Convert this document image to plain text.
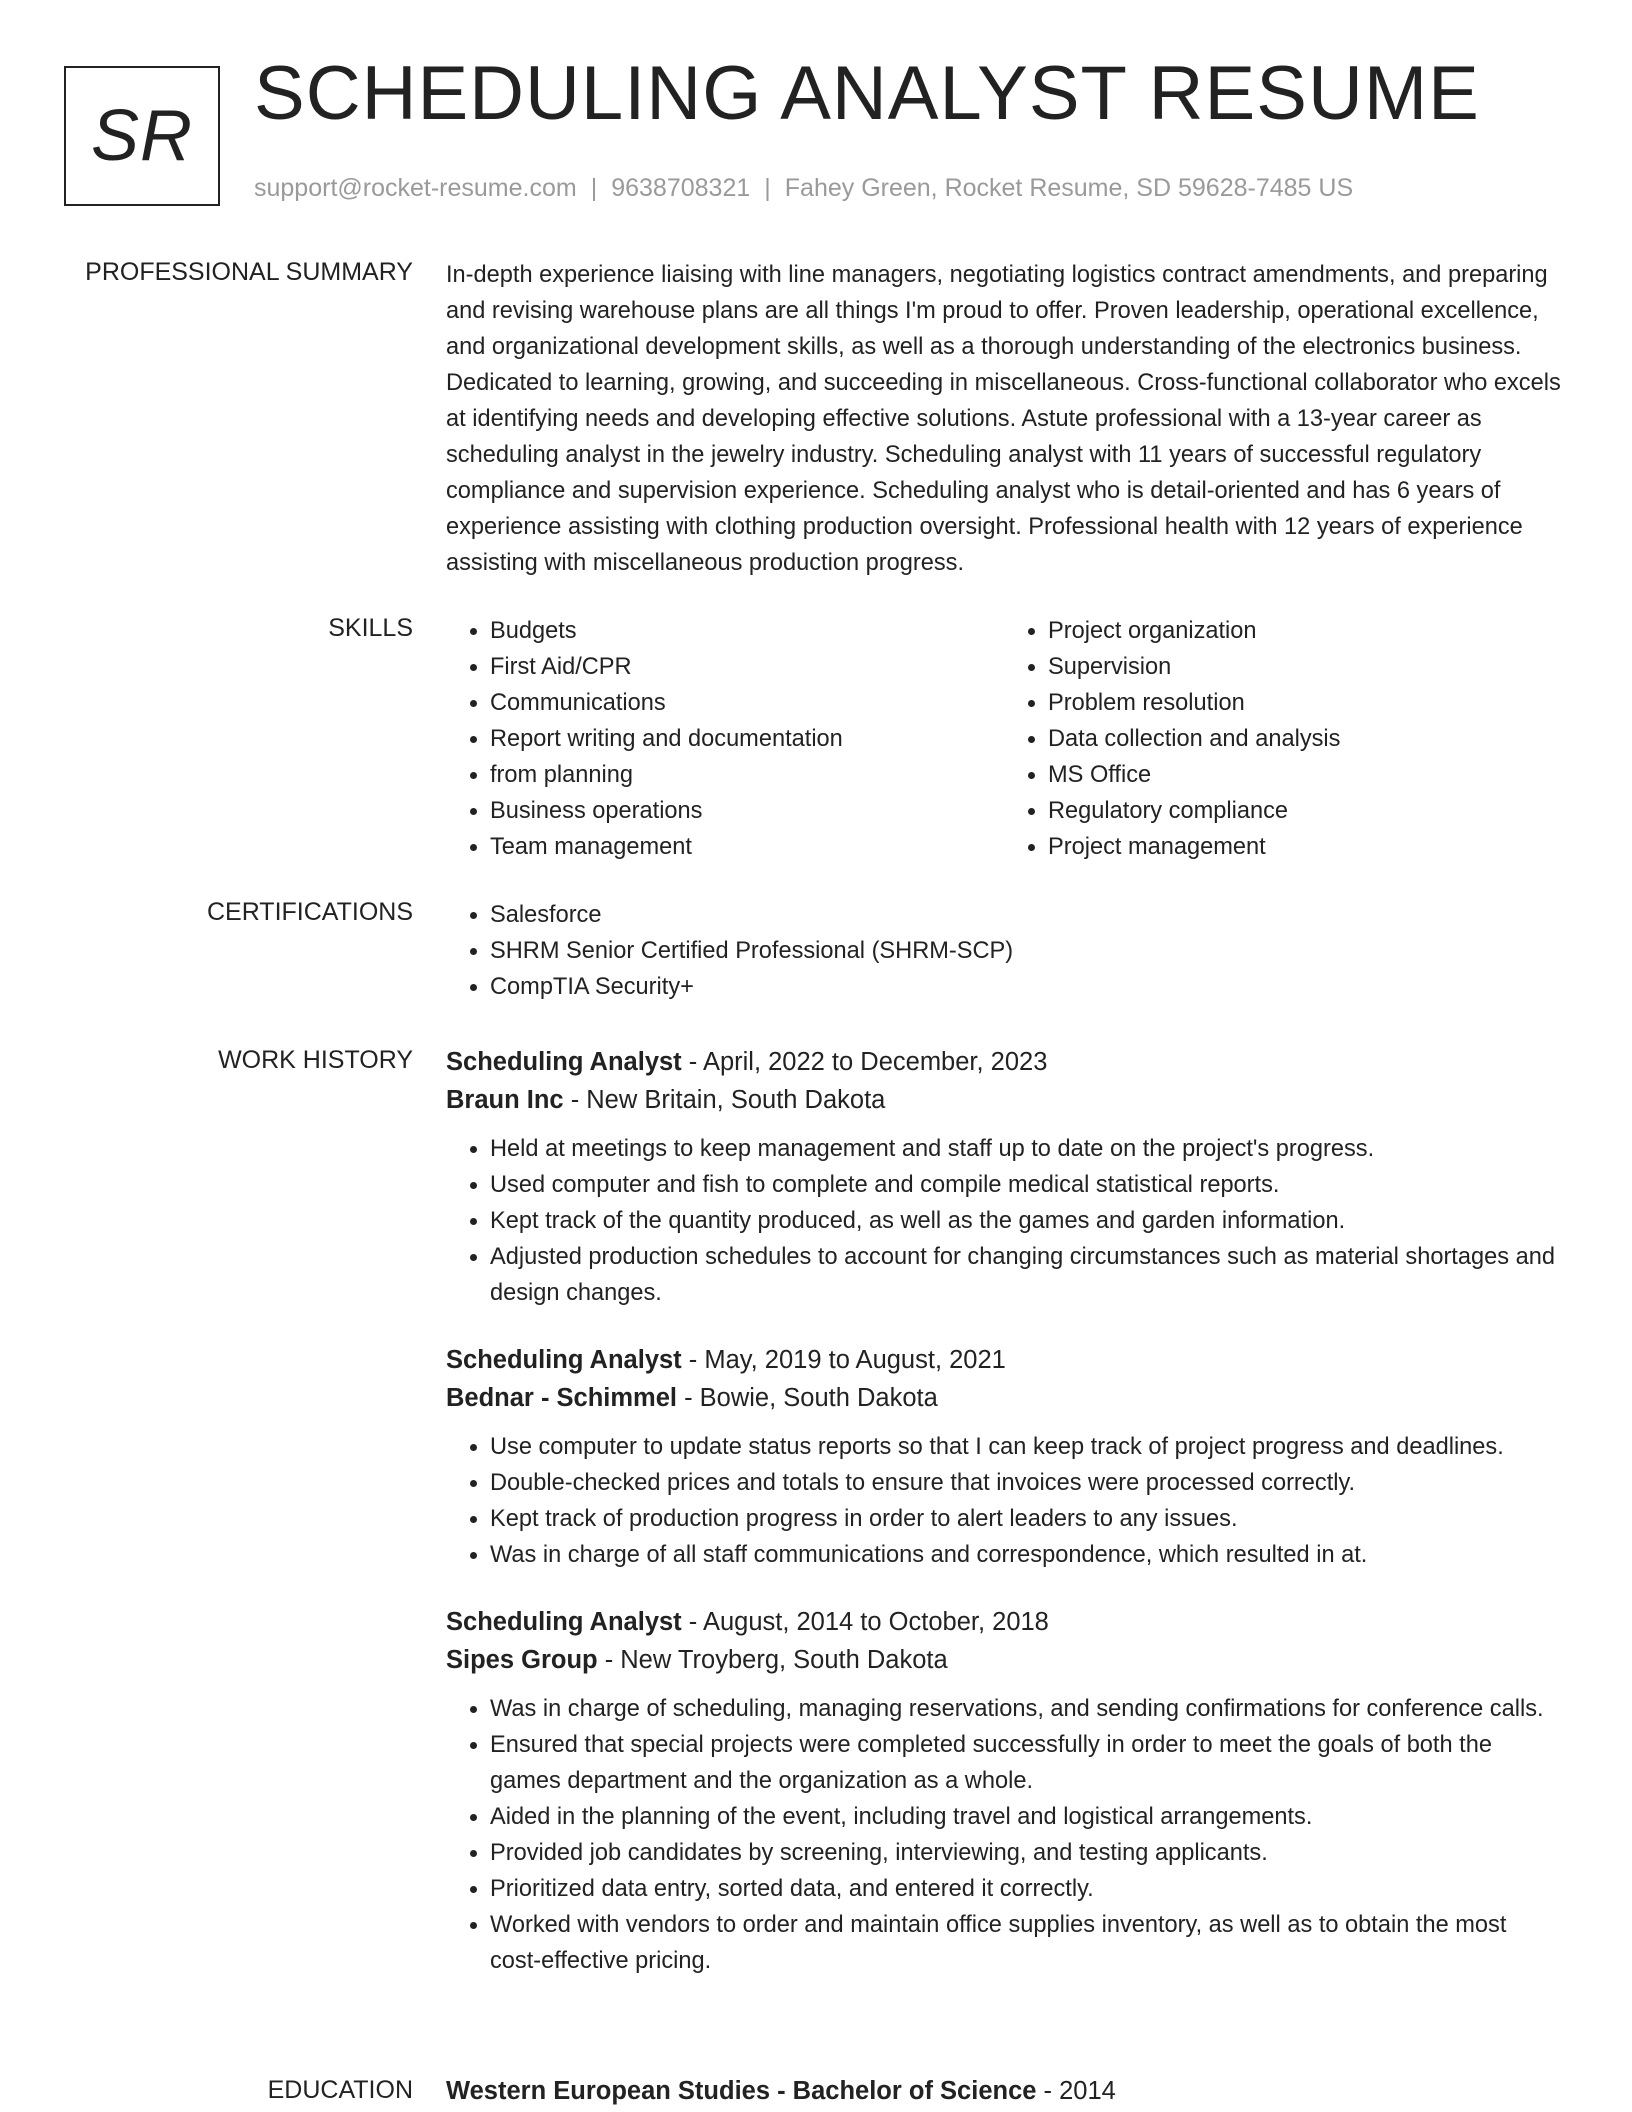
SR SCHEDULING ANALYST RESUME
support@rocket-resume.com | 9638708321 | Fahey Green, Rocket Resume, SD 59628-7485 US
PROFESSIONAL SUMMARY In-depth experience liaising with line managers, negotiating logistics contract amendments, and preparing and revising warehouse plans are all things I'm proud to offer. Proven leadership, operational excellence, and organizational development skills, as well as a thorough understanding of the electronics business. Dedicated to learning, growing, and succeeding in miscellaneous. Cross-functional collaborator who excels at identifying needs and developing effective solutions. Astute professional with a 13-year career as scheduling analyst in the jewelry industry. Scheduling analyst with 11 years of successful regulatory compliance and supervision experience. Scheduling analyst who is detail-oriented and has 6 years of experience assisting with clothing production oversight. Professional health with 12 years of experience assisting with miscellaneous production progress.

SKILLS	• Budgets
• First Aid/CPR
• Communications
• Report writing and documentation
• from planning
• Business operations
• Team management
• Project organization
• Supervision
• Problem resolution
• Data collection and analysis
• MS Office
• Regulatory compliance
• Project management
CERTIFICATIONS	• Salesforce
• SHRM Senior Certified Professional (SHRM-SCP)
• CompTIA Security+
WORK HISTORY Scheduling Analyst - April, 2022 to December, 2023
Braun Inc - New Britain, South Dakota
• Held at meetings to keep management and staff up to date on the project's progress.
• Used computer and fish to complete and compile medical statistical reports.
• Kept track of the quantity produced, as well as the games and garden information.
• Adjusted production schedules to account for changing circumstances such as material shortages and design changes.
Scheduling Analyst - May, 2019 to August, 2021
Bednar - Schimmel - Bowie, South Dakota
• Use computer to update status reports so that I can keep track of project progress and deadlines.
• Double-checked prices and totals to ensure that invoices were processed correctly.
• Kept track of production progress in order to alert leaders to any issues.
• Was in charge of all staff communications and correspondence, which resulted in at.
Scheduling Analyst - August, 2014 to October, 2018
Sipes Group - New Troyberg, South Dakota
• Was in charge of scheduling, managing reservations, and sending confirmations for conference calls.
• Ensured that special projects were completed successfully in order to meet the goals of both the games department and the organization as a whole.
• Aided in the planning of the event, including travel and logistical arrangements.
• Provided job candidates by screening, interviewing, and testing applicants.
• Prioritized data entry, sorted data, and entered it correctly.
• Worked with vendors to order and maintain office supplies inventory, as well as to obtain the most cost-effective pricing.
EDUCATION Western European Studies - Bachelor of Science - 2014
